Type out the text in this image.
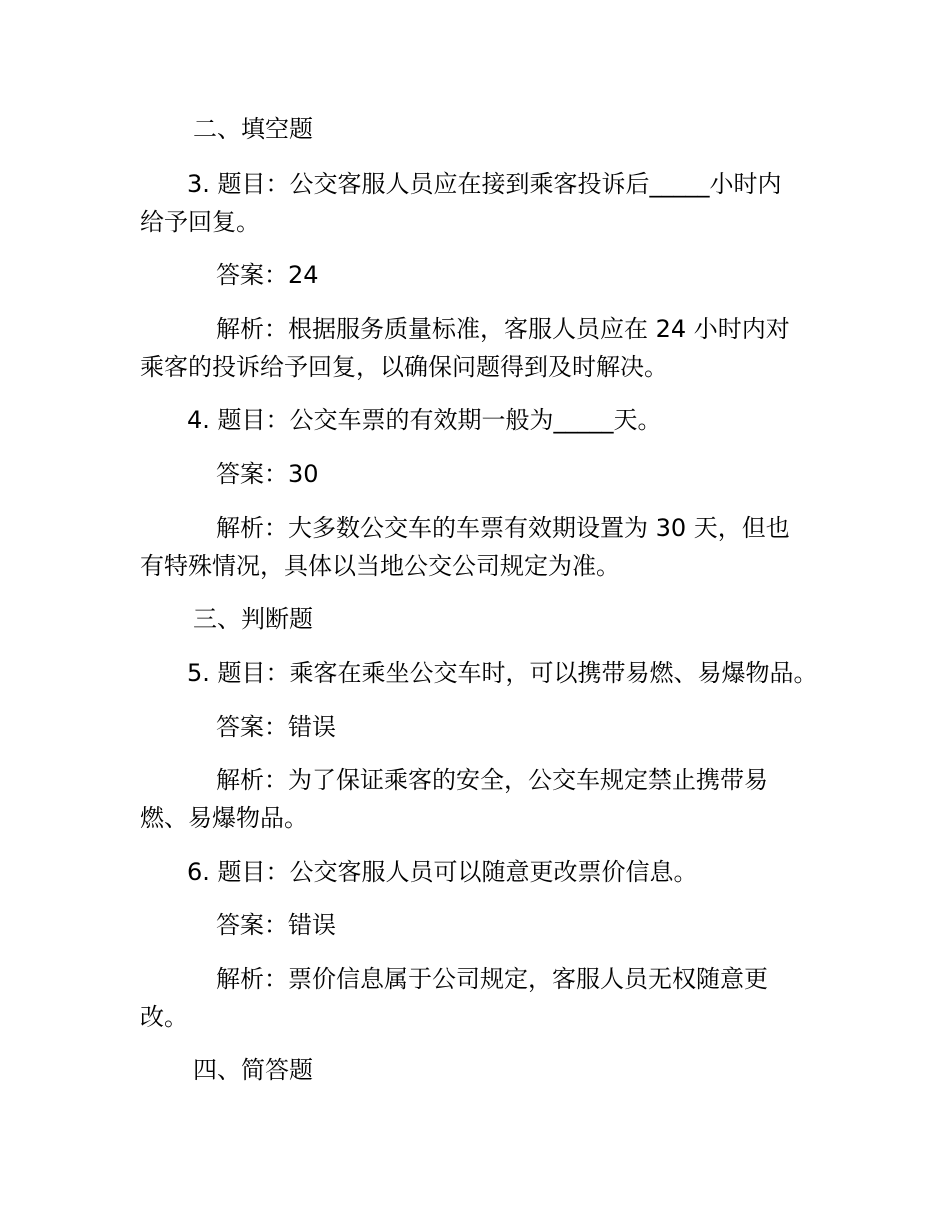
二、填空题
3. 题目：公交客服人员应在接到乘客投诉后_____小时内
给予回复。
答案：24
解析：根据服务质量标准，客服人员应在 24 小时内对
乘客的投诉给予回复，以确保问题得到及时解决。
4. 题目：公交车票的有效期一般为_____天。
答案：30
解析：大多数公交车的车票有效期设置为 30 天，但也
有特殊情况，具体以当地公交公司规定为准。
三、判断题
5. 题目：乘客在乘坐公交车时，可以携带易燃、易爆物品。
答案：错误
解析：为了保证乘客的安全，公交车规定禁止携带易
燃、易爆物品。
6. 题目：公交客服人员可以随意更改票价信息。
答案：错误
解析：票价信息属于公司规定，客服人员无权随意更
改。
四、简答题
